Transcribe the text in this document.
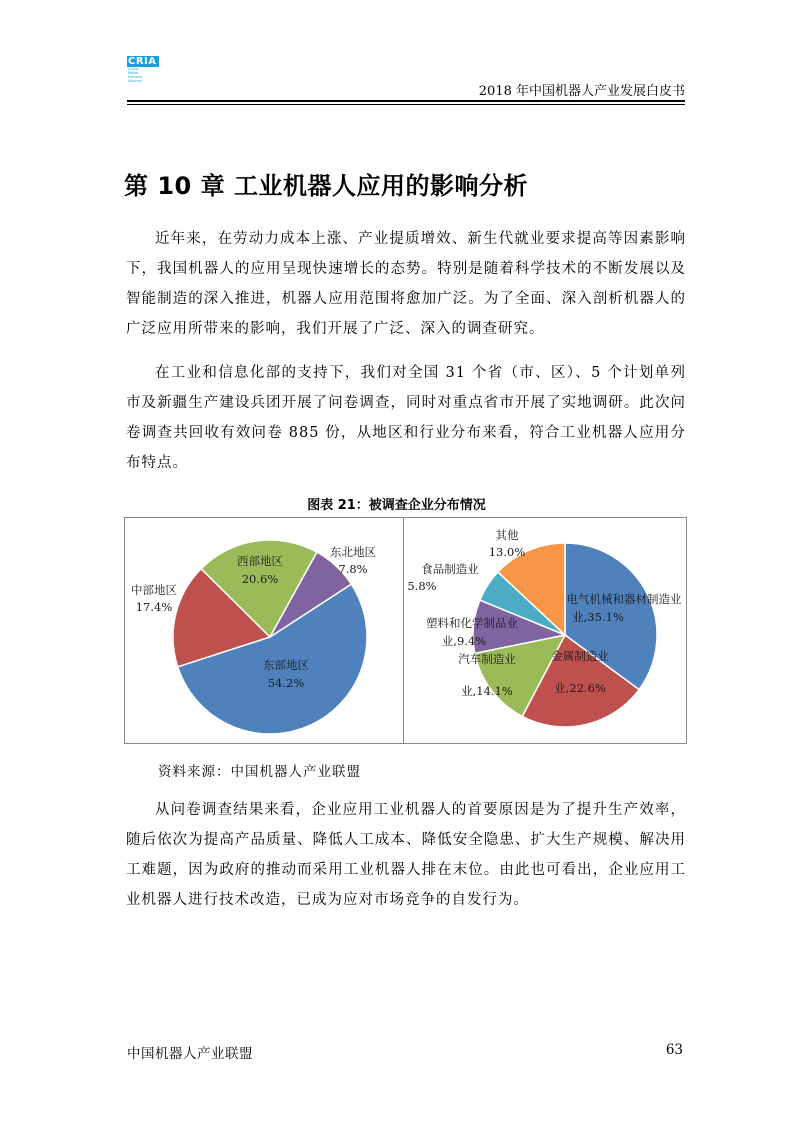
CRIA
China
Robot
Industry
Alliance
2018 年中国机器人产业发展白皮书
第 10 章 工业机器人应用的影响分析
近年来，在劳动力成本上涨、产业提质增效、新生代就业要求提高等因素影响下，我国机器人的应用呈现快速增长的态势。特别是随着科学技术的不断发展以及智能制造的深入推进，机器人应用范围将愈加广泛。为了全面、深入剖析机器人的广泛应用所带来的影响，我们开展了广泛、深入的调查研究。
在工业和信息化部的支持下，我们对全国 31 个省（市、区）、5 个计划单列市及新疆生产建设兵团开展了问卷调查，同时对重点省市开展了实地调研。此次问卷调查共回收有效问卷 885 份，从地区和行业分布来看，符合工业机器人应用分布特点。
图表 21：被调查企业分布情况
东部地区
54.2%
中部地区
17.4%
西部地区
20.6%
东北地区
7.8%
电气机械和器材制造业
业,35.1%
金属制造业
业,22.6%
汽车制造业
业,14.1%
塑料和化学制品业
业,9.4%
食品制造业
5.8%
其他
13.0%
资料来源：中国机器人产业联盟
从问卷调查结果来看，企业应用工业机器人的首要原因是为了提升生产效率，随后依次为提高产品质量、降低人工成本、降低安全隐患、扩大生产规模、解决用工难题，因为政府的推动而采用工业机器人排在末位。由此也可看出，企业应用工业机器人进行技术改造，已成为应对市场竞争的自发行为。
中国机器人产业联盟	63
